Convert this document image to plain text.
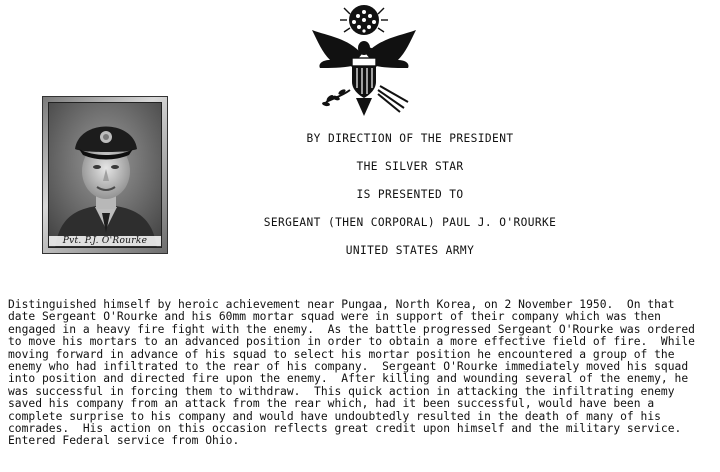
Pvt. P.J. O'Rourke
BY DIRECTION OF THE PRESIDENT
THE SILVER STAR
IS PRESENTED TO
SERGEANT (THEN CORPORAL) PAUL J. O'ROURKE
UNITED STATES ARMY
Distinguished himself by heroic achievement near Pungaa, North Korea, on 2 November 1950.  On that
date Sergeant O'Rourke and his 60mm mortar squad were in support of their company which was then
engaged in a heavy fire fight with the enemy.  As the battle progressed Sergeant O'Rourke was ordered
to move his mortars to an advanced position in order to obtain a more effective field of fire.  While
moving forward in advance of his squad to select his mortar position he encountered a group of the
enemy who had infiltrated to the rear of his company.  Sergeant O'Rourke immediately moved his squad
into position and directed fire upon the enemy.  After killing and wounding several of the enemy, he
was successful in forcing them to withdraw.  This quick action in attacking the infiltrating enemy
saved his company from an attack from the rear which, had it been successful, would have been a
complete surprise to his company and would have undoubtedly resulted in the death of many of his
comrades.  His action on this occasion reflects great credit upon himself and the military service.
Entered Federal service from Ohio.
